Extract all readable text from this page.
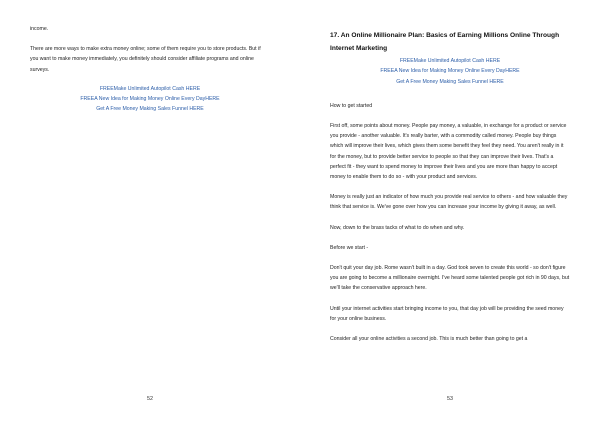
income.

There are more ways to make extra money online; some of them require you to store products. But if you want to make money immediately, you definitely should consider affiliate programs and online surveys.

FREEMake Unlimited Autopilot Cash HERE
FREEA New Idea for Making Money Online Every DayHERE
Get A Free Money Making Sales Funnel HERE
52
17. An Online Millionaire Plan: Basics of Earning Millions Online Through Internet Marketing
FREEMake Unlimited Autopilot Cash HERE
FREEA New Idea for Making Money Online Every DayHERE
Get A Free Money Making Sales Funnel HERE

How to get started

First off, some points about money. People pay money, a valuable, in exchange for a product or service you provide - another valuable. It's really barter, with a commodity called money. People buy things which will improve their lives, which gives them some benefit they feel they need. You aren't really in it for the money, but to provide better service to people so that they can improve their lives. That's a perfect fit - they want to spend money to improve their lives and you are more than happy to accept money to enable them to do so - with your product and services.

Money is really just an indicator of how much you provide real service to others - and how valuable they think that service is. We've gone over how you can increase your income by giving it away, as well.

Now, down to the brass tacks of what to do when and why.

Before we start -

Don't quit your day job. Rome wasn't built in a day. God took seven to create this world - so don't figure you are going to become a millionaire overnight. I've heard some talented people got rich in 90 days, but we'll take the conservative approach here.

Until your internet activities start bringing income to you, that day job will be providing the seed money for your online business.

Consider all your online activities a second job. This is much better than going to get a

53
